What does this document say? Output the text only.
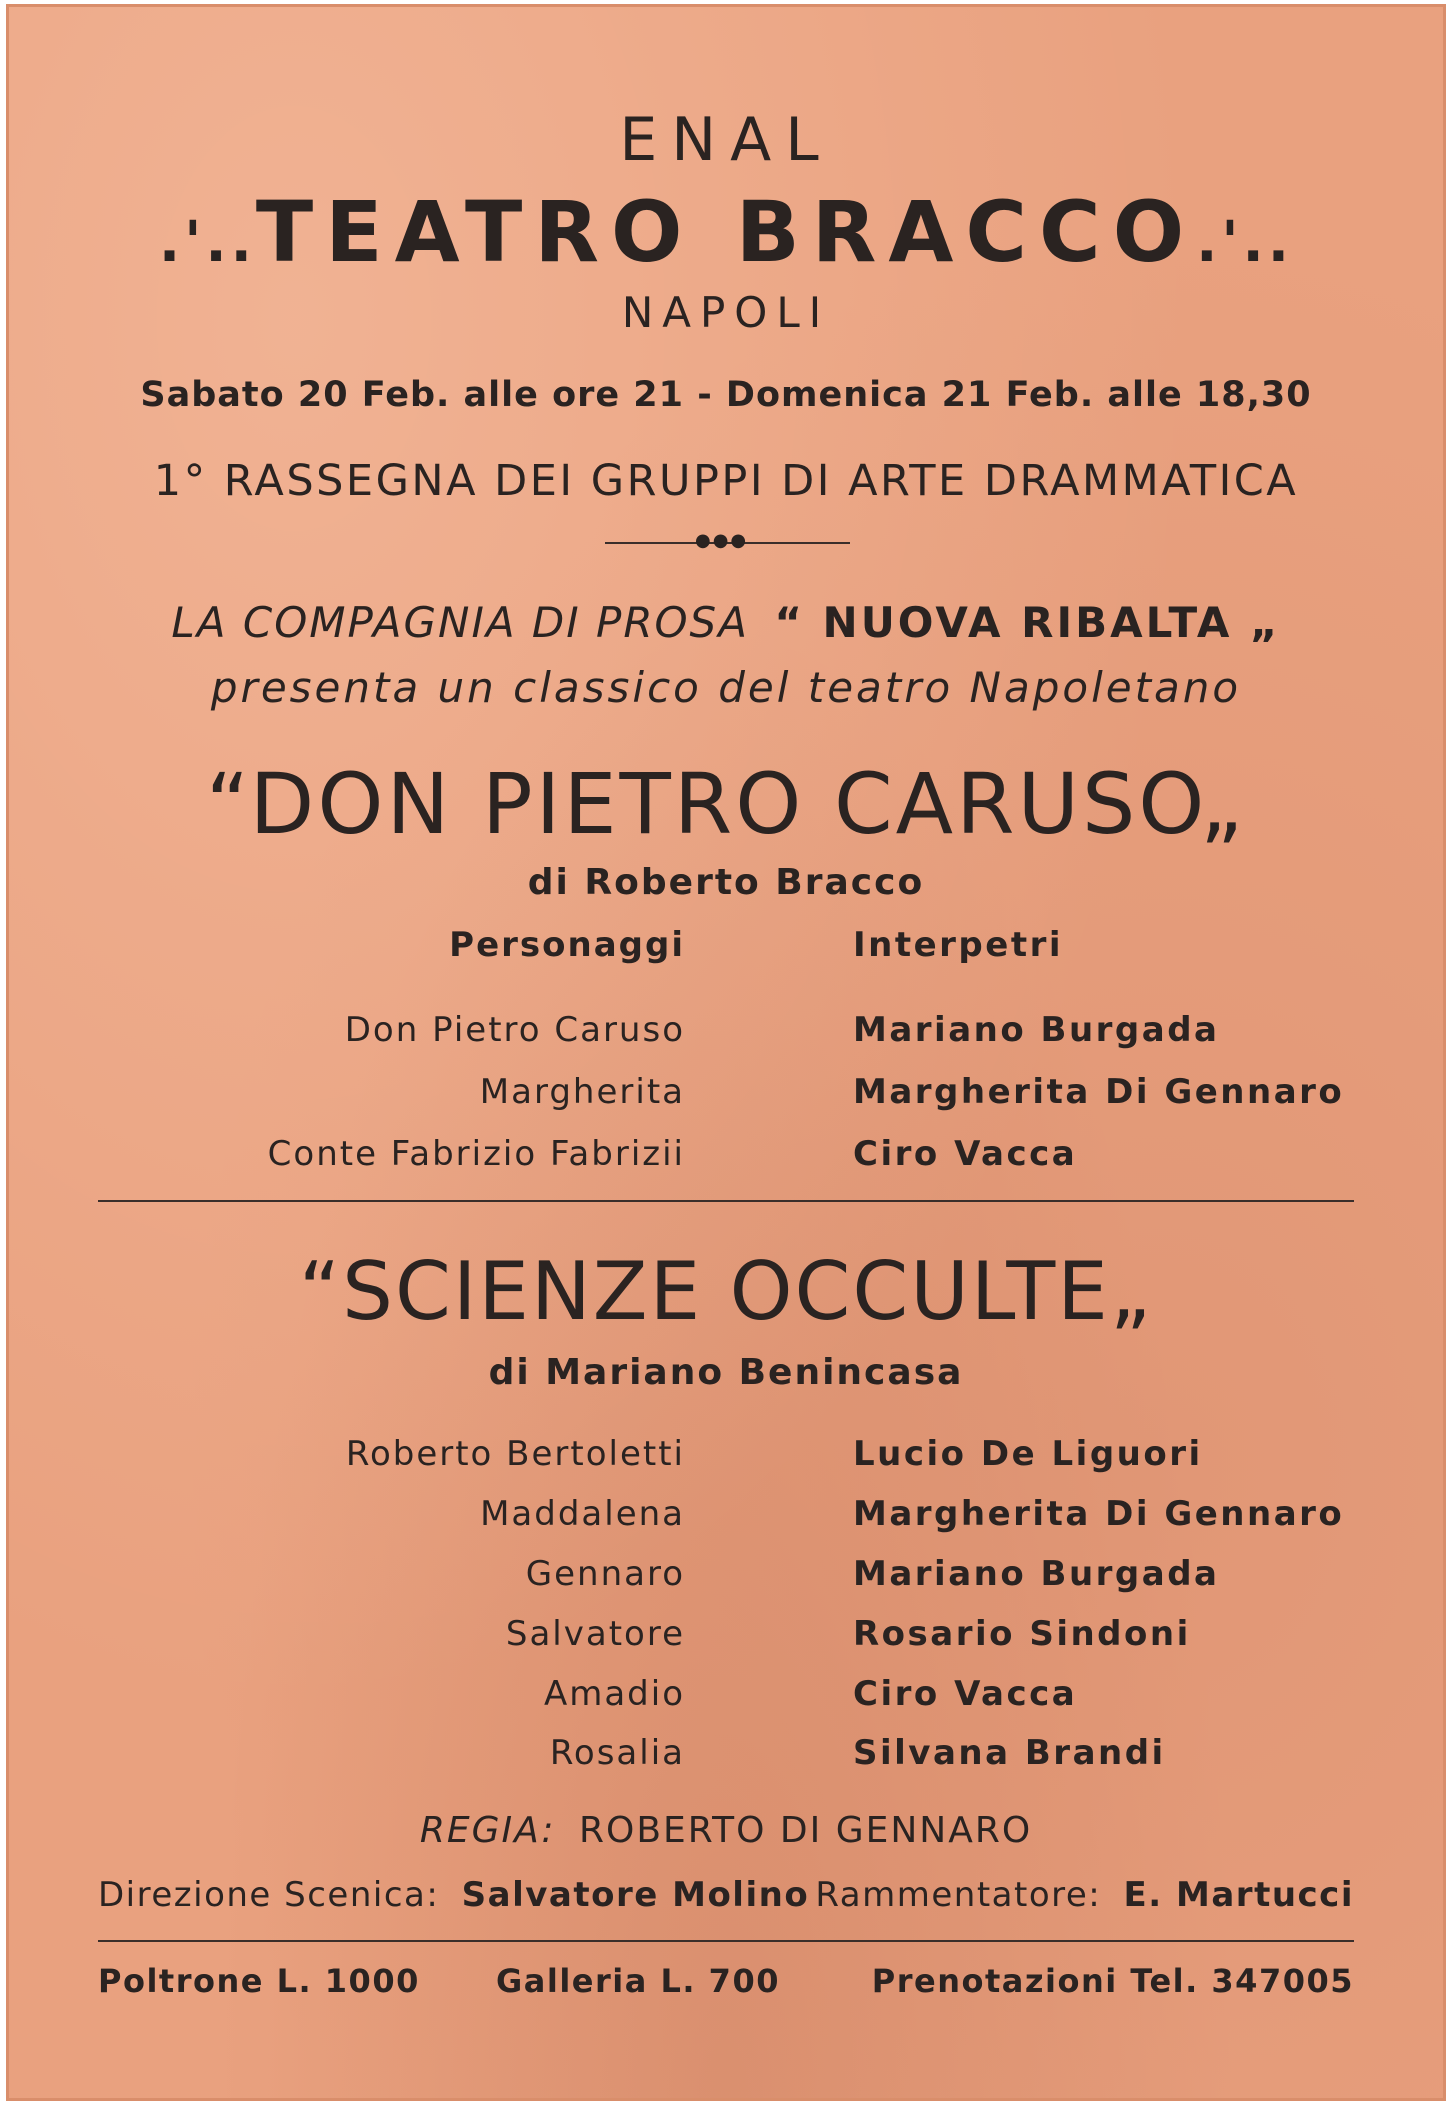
ENAL
.'..TEATRO BRACCO.'..
NAPOLI
Sabato 20 Feb. alle ore 21 - Domenica 21 Feb. alle 18,30
1° RASSEGNA DEI GRUPPI DI ARTE DRAMMATICA
●●●
LA COMPAGNIA DI PROSA “ NUOVA RIBALTA „
presenta un classico del teatro Napoletano
“DON PIETRO CARUSO„
di Roberto Bracco
Personaggi	Interpetri
Don Pietro Caruso	Mariano Burgada
Margherita	Margherita Di Gennaro
Conte Fabrizio Fabrizii	Ciro Vacca
“SCIENZE OCCULTE„
di Mariano Benincasa
Roberto Bertoletti	Lucio De Liguori
Maddalena	Margherita Di Gennaro
Gennaro	Mariano Burgada
Salvatore	Rosario Sindoni
Amadio	Ciro Vacca
Rosalia	Silvana Brandi
REGIA: ROBERTO DI GENNARO
Direzione Scenica: Salvatore Molino Rammentatore: E. Martucci
Poltrone L. 1000 Galleria L. 700	Prenotazioni Tel. 347005
